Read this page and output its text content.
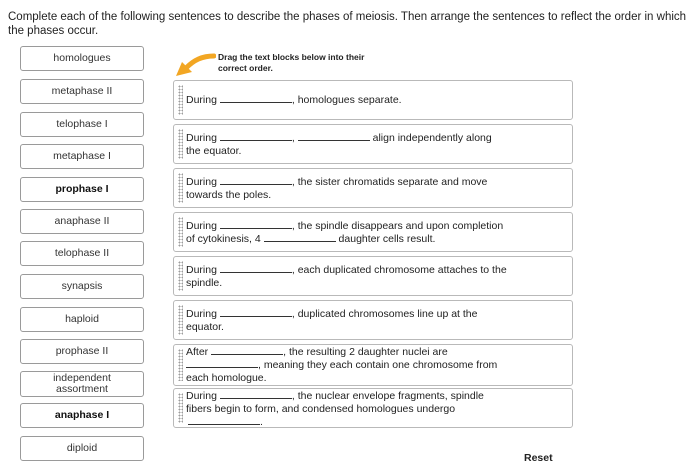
Complete each of the following sentences to describe the phases of meiosis. Then arrange the sentences to reflect the order in which the phases occur.
homologues
metaphase II
telophase I
metaphase I
prophase I
anaphase II
telophase II
synapsis
haploid
prophase II
independent assortment
anaphase I
diploid
Drag the text blocks below into their
correct order.
During	, homologues separate.
During	,	align independently along
the equator.
During	, the sister chromatids separate and move
towards the poles.
During	, the spindle disappears and upon completion
of cytokinesis, 4	daughter cells result.
During	, each duplicated chromosome attaches to the
spindle.
During	, duplicated chromosomes line up at the
equator.
After	, the resulting 2 daughter nuclei are
, meaning they each contain one chromosome from
each homologue.
During	, the nuclear envelope fragments, spindle
fibers begin to form, and condensed homologues undergo
.
Reset
